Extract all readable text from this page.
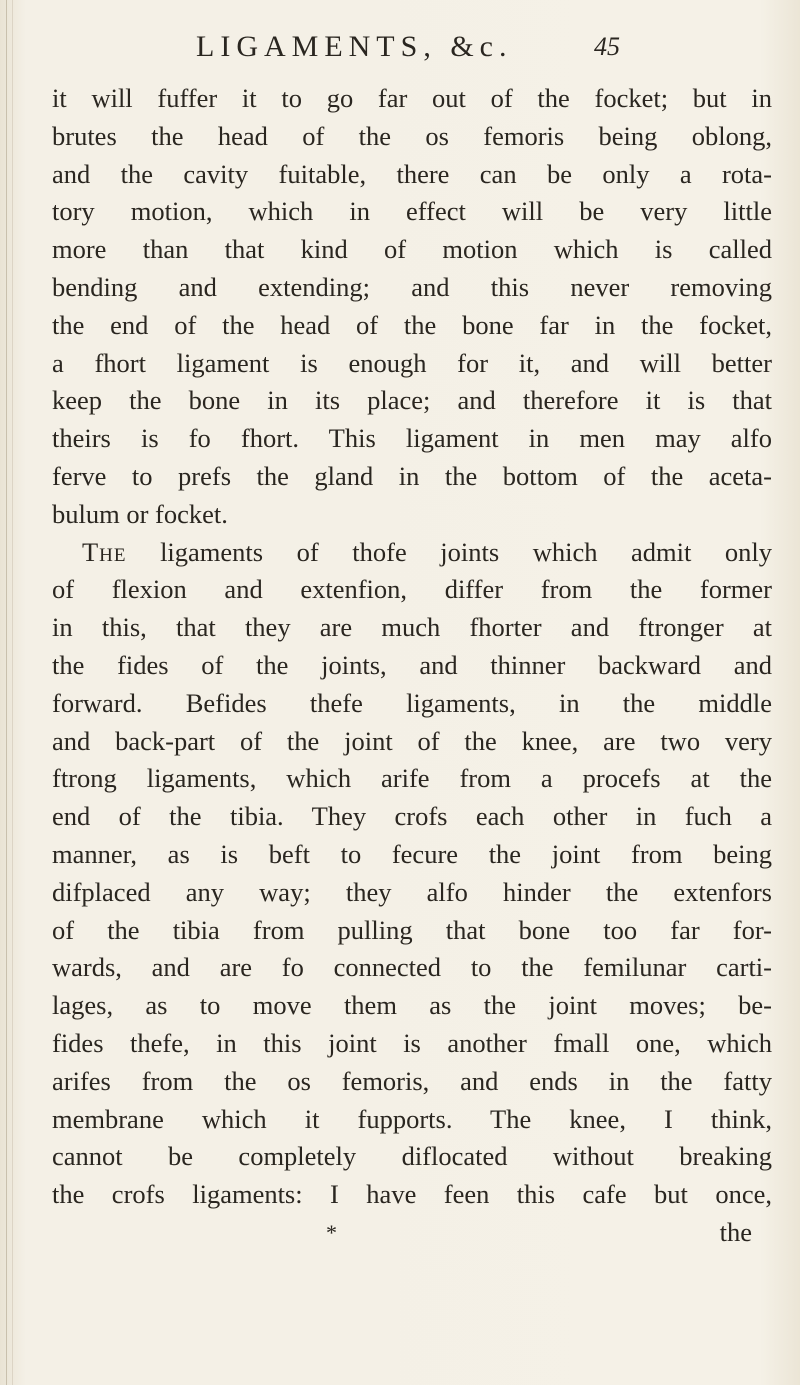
LIGAMENTS, &c.	45
it will fuffer it to go far out of the focket; but in
brutes the head of the os femoris being oblong,
and the cavity fuitable, there can be only a rota-
tory motion, which in effect will be very little
more than that kind of motion which is called
bending and extending; and this never removing
the end of the head of the bone far in the focket,
a fhort ligament is enough for it, and will better
keep the bone in its place; and therefore it is that
theirs is fo fhort. This ligament in men may alfo
ferve to prefs the gland in the bottom of the aceta-
bulum or focket.
The ligaments of thofe joints which admit only
of flexion and extenfion, differ from the former
in this, that they are much fhorter and ftronger at
the fides of the joints, and thinner backward and
forward. Befides thefe ligaments, in the middle
and back-part of the joint of the knee, are two very
ftrong ligaments, which arife from a procefs at the
end of the tibia. They crofs each other in fuch a
manner, as is beft to fecure the joint from being
difplaced any way; they alfo hinder the extenfors
of the tibia from pulling that bone too far for-
wards, and are fo connected to the femilunar carti-
lages, as to move them as the joint moves; be-
fides thefe, in this joint is another fmall one, which
arifes from the os femoris, and ends in the fatty
membrane which it fupports. The knee, I think,
cannot be completely diflocated without breaking
the crofs ligaments: I have feen this cafe but once,
*	the
